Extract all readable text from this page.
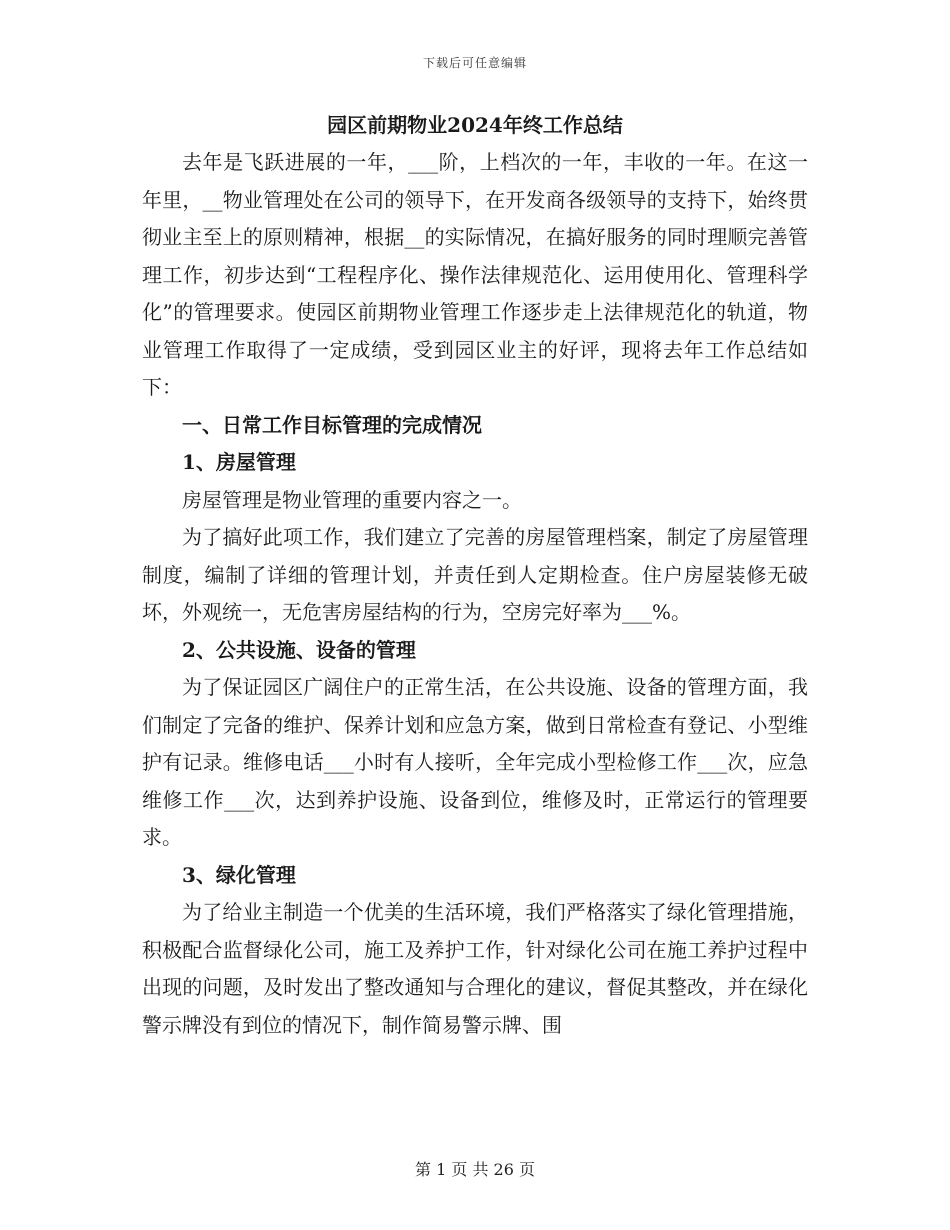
下载后可任意编辑
园区前期物业2024年终工作总结

去年是飞跃进展的一年，___阶，上档次的一年，丰收的一年。在这一年里，__物业管理处在公司的领导下，在开发商各级领导的支持下，始终贯彻业主至上的原则精神，根据__的实际情况，在搞好服务的同时理顺完善管理工作，初步达到“工程程序化、操作法律规范化、运用使用化、管理科学化”的管理要求。使园区前期物业管理工作逐步走上法律规范化的轨道，物业管理工作取得了一定成绩，受到园区业主的好评，现将去年工作总结如下：

一、日常工作目标管理的完成情况

1、房屋管理

房屋管理是物业管理的重要内容之一。

为了搞好此项工作，我们建立了完善的房屋管理档案，制定了房屋管理制度，编制了详细的管理计划，并责任到人定期检查。住户房屋装修无破坏，外观统一，无危害房屋结构的行为，空房完好率为___%。

2、公共设施、设备的管理

为了保证园区广阔住户的正常生活，在公共设施、设备的管理方面，我们制定了完备的维护、保养计划和应急方案，做到日常检查有登记、小型维护有记录。维修电话___小时有人接听，全年完成小型检修工作___次，应急维修工作___次，达到养护设施、设备到位，维修及时，正常运行的管理要求。

3、绿化管理

为了给业主制造一个优美的生活环境，我们严格落实了绿化管理措施，积极配合监督绿化公司，施工及养护工作，针对绿化公司在施工养护过程中出现的问题，及时发出了整改通知与合理化的建议，督促其整改，并在绿化警示牌没有到位的情况下，制作简易警示牌、围

第 1 页 共 26 页
